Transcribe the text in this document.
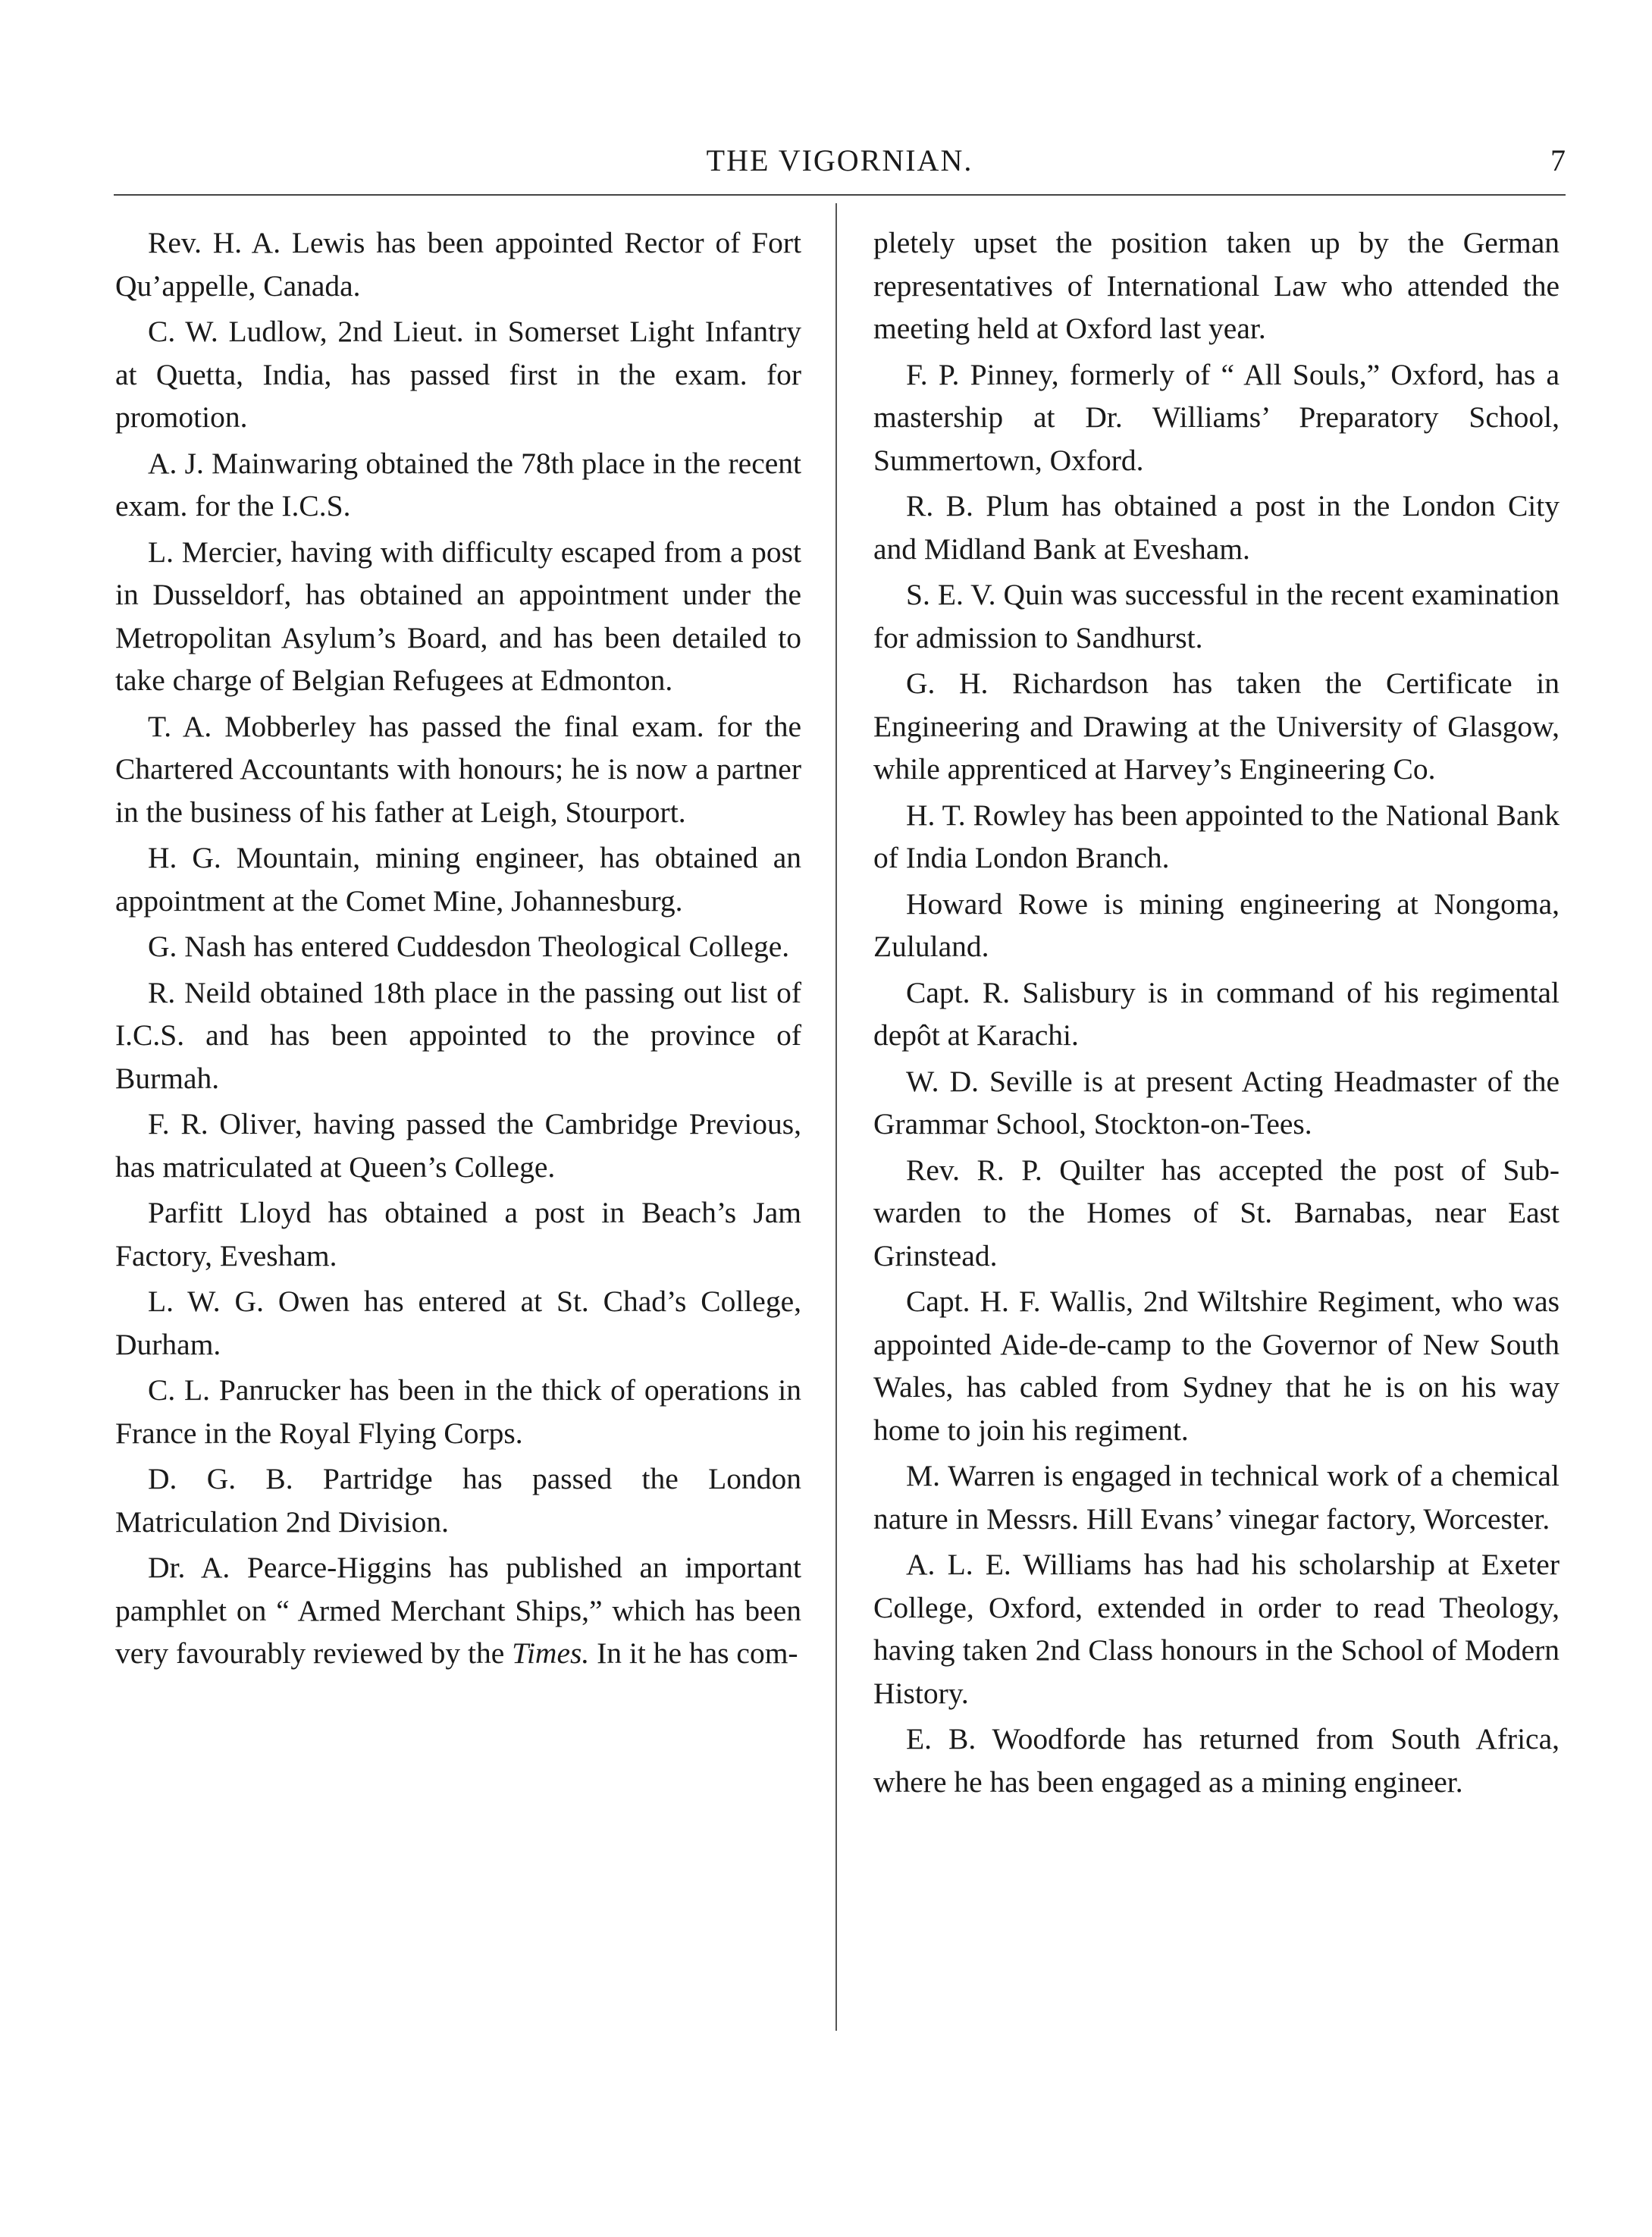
THE VIGORNIAN.	7

Rev. H. A. Lewis has been appointed Rector of Fort Qu’appelle, Canada.

C. W. Ludlow, 2nd Lieut. in Somerset Light Infantry at Quetta, India, has passed first in the exam. for promotion.

A. J. Mainwaring obtained the 78th place in the recent exam. for the I.C.S.

L. Mercier, having with difficulty escaped from a post in Dusseldorf, has obtained an appointment under the Metropolitan Asylum’s Board, and has been detailed to take charge of Belgian Refugees at Edmonton.

T. A. Mobberley has passed the final exam. for the Chartered Accountants with honours; he is now a partner in the business of his father at Leigh, Stourport.

H. G. Mountain, mining engineer, has obtained an appointment at the Comet Mine, Johannesburg.

G. Nash has entered Cuddesdon Theological College.

R. Neild obtained 18th place in the passing out list of I.C.S. and has been appointed to the province of Burmah.

F. R. Oliver, having passed the Cambridge Previous, has matriculated at Queen’s College.

Parfitt Lloyd has obtained a post in Beach’s Jam Factory, Evesham.

L. W. G. Owen has entered at St. Chad’s College, Durham.

C. L. Panrucker has been in the thick of operations in France in the Royal Flying Corps.

D. G. B. Partridge has passed the London Matriculation 2nd Division.

Dr. A. Pearce-Higgins has published an important pamphlet on “ Armed Merchant Ships,” which has been very favourably reviewed by the Times. In it he has com-

pletely upset the position taken up by the German representatives of International Law who attended the meeting held at Oxford last year.

F. P. Pinney, formerly of “ All Souls,” Oxford, has a mastership at Dr. Williams’ Preparatory School, Summertown, Oxford.

R. B. Plum has obtained a post in the London City and Midland Bank at Evesham.

S. E. V. Quin was successful in the recent examination for admission to Sandhurst.

G. H. Richardson has taken the Certificate in Engineering and Drawing at the University of Glasgow, while apprenticed at Harvey’s Engineering Co.

H. T. Rowley has been appointed to the National Bank of India London Branch.

Howard Rowe is mining engineering at Nongoma, Zululand.

Capt. R. Salisbury is in command of his regimental depôt at Karachi.

W. D. Seville is at present Acting Headmaster of the Grammar School, Stockton-on-Tees.

Rev. R. P. Quilter has accepted the post of Sub-warden to the Homes of St. Barnabas, near East Grinstead.

Capt. H. F. Wallis, 2nd Wiltshire Regiment, who was appointed Aide-de-camp to the Governor of New South Wales, has cabled from Sydney that he is on his way home to join his regiment.

M. Warren is engaged in technical work of a chemical nature in Messrs. Hill Evans’ vinegar factory, Worcester.

A. L. E. Williams has had his scholarship at Exeter College, Oxford, extended in order to read Theology, having taken 2nd Class honours in the School of Modern History.

E. B. Woodforde has returned from South Africa, where he has been engaged as a mining engineer.
